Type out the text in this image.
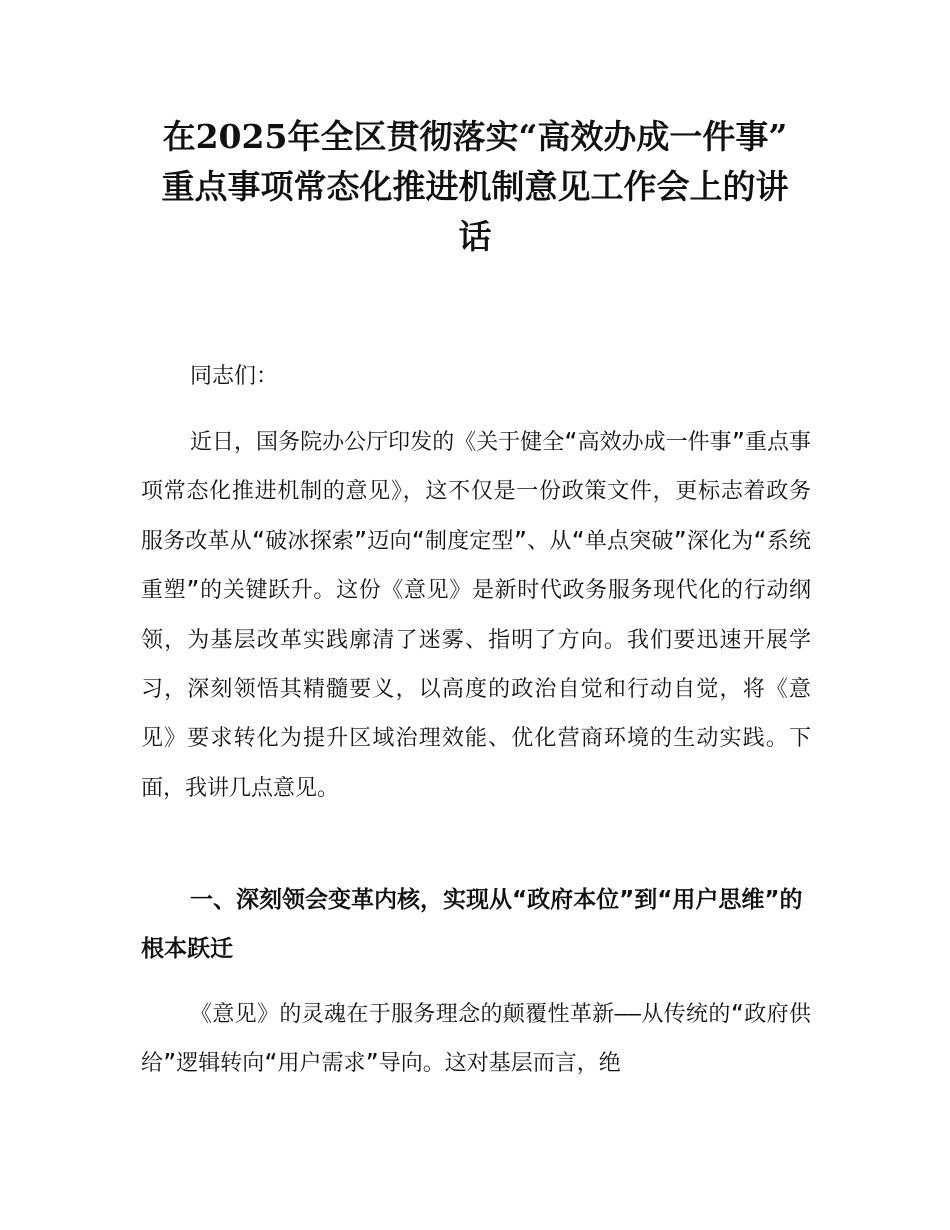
在2025年全区贯彻落实“高效办成一件事”
重点事项常态化推进机制意见工作会上的讲
话

同志们：

近日，国务院办公厅印发的《关于健全“高效办成一件事”重点事项常态化推进机制的意见》，这不仅是一份政策文件，更标志着政务服务改革从“破冰探索”迈向“制度定型”、从“单点突破”深化为“系统重塑”的关键跃升。这份《意见》是新时代政务服务现代化的行动纲领，为基层改革实践廓清了迷雾、指明了方向。我们要迅速开展学习，深刻领悟其精髓要义，以高度的政治自觉和行动自觉，将《意见》要求转化为提升区域治理效能、优化营商环境的生动实践。下面，我讲几点意见。

一、深刻领会变革内核，实现从“政府本位”到“用户思维”的根本跃迁

《意见》的灵魂在于服务理念的颠覆性革新——从传统的“政府供给”逻辑转向“用户需求”导向。这对基层而言，绝
